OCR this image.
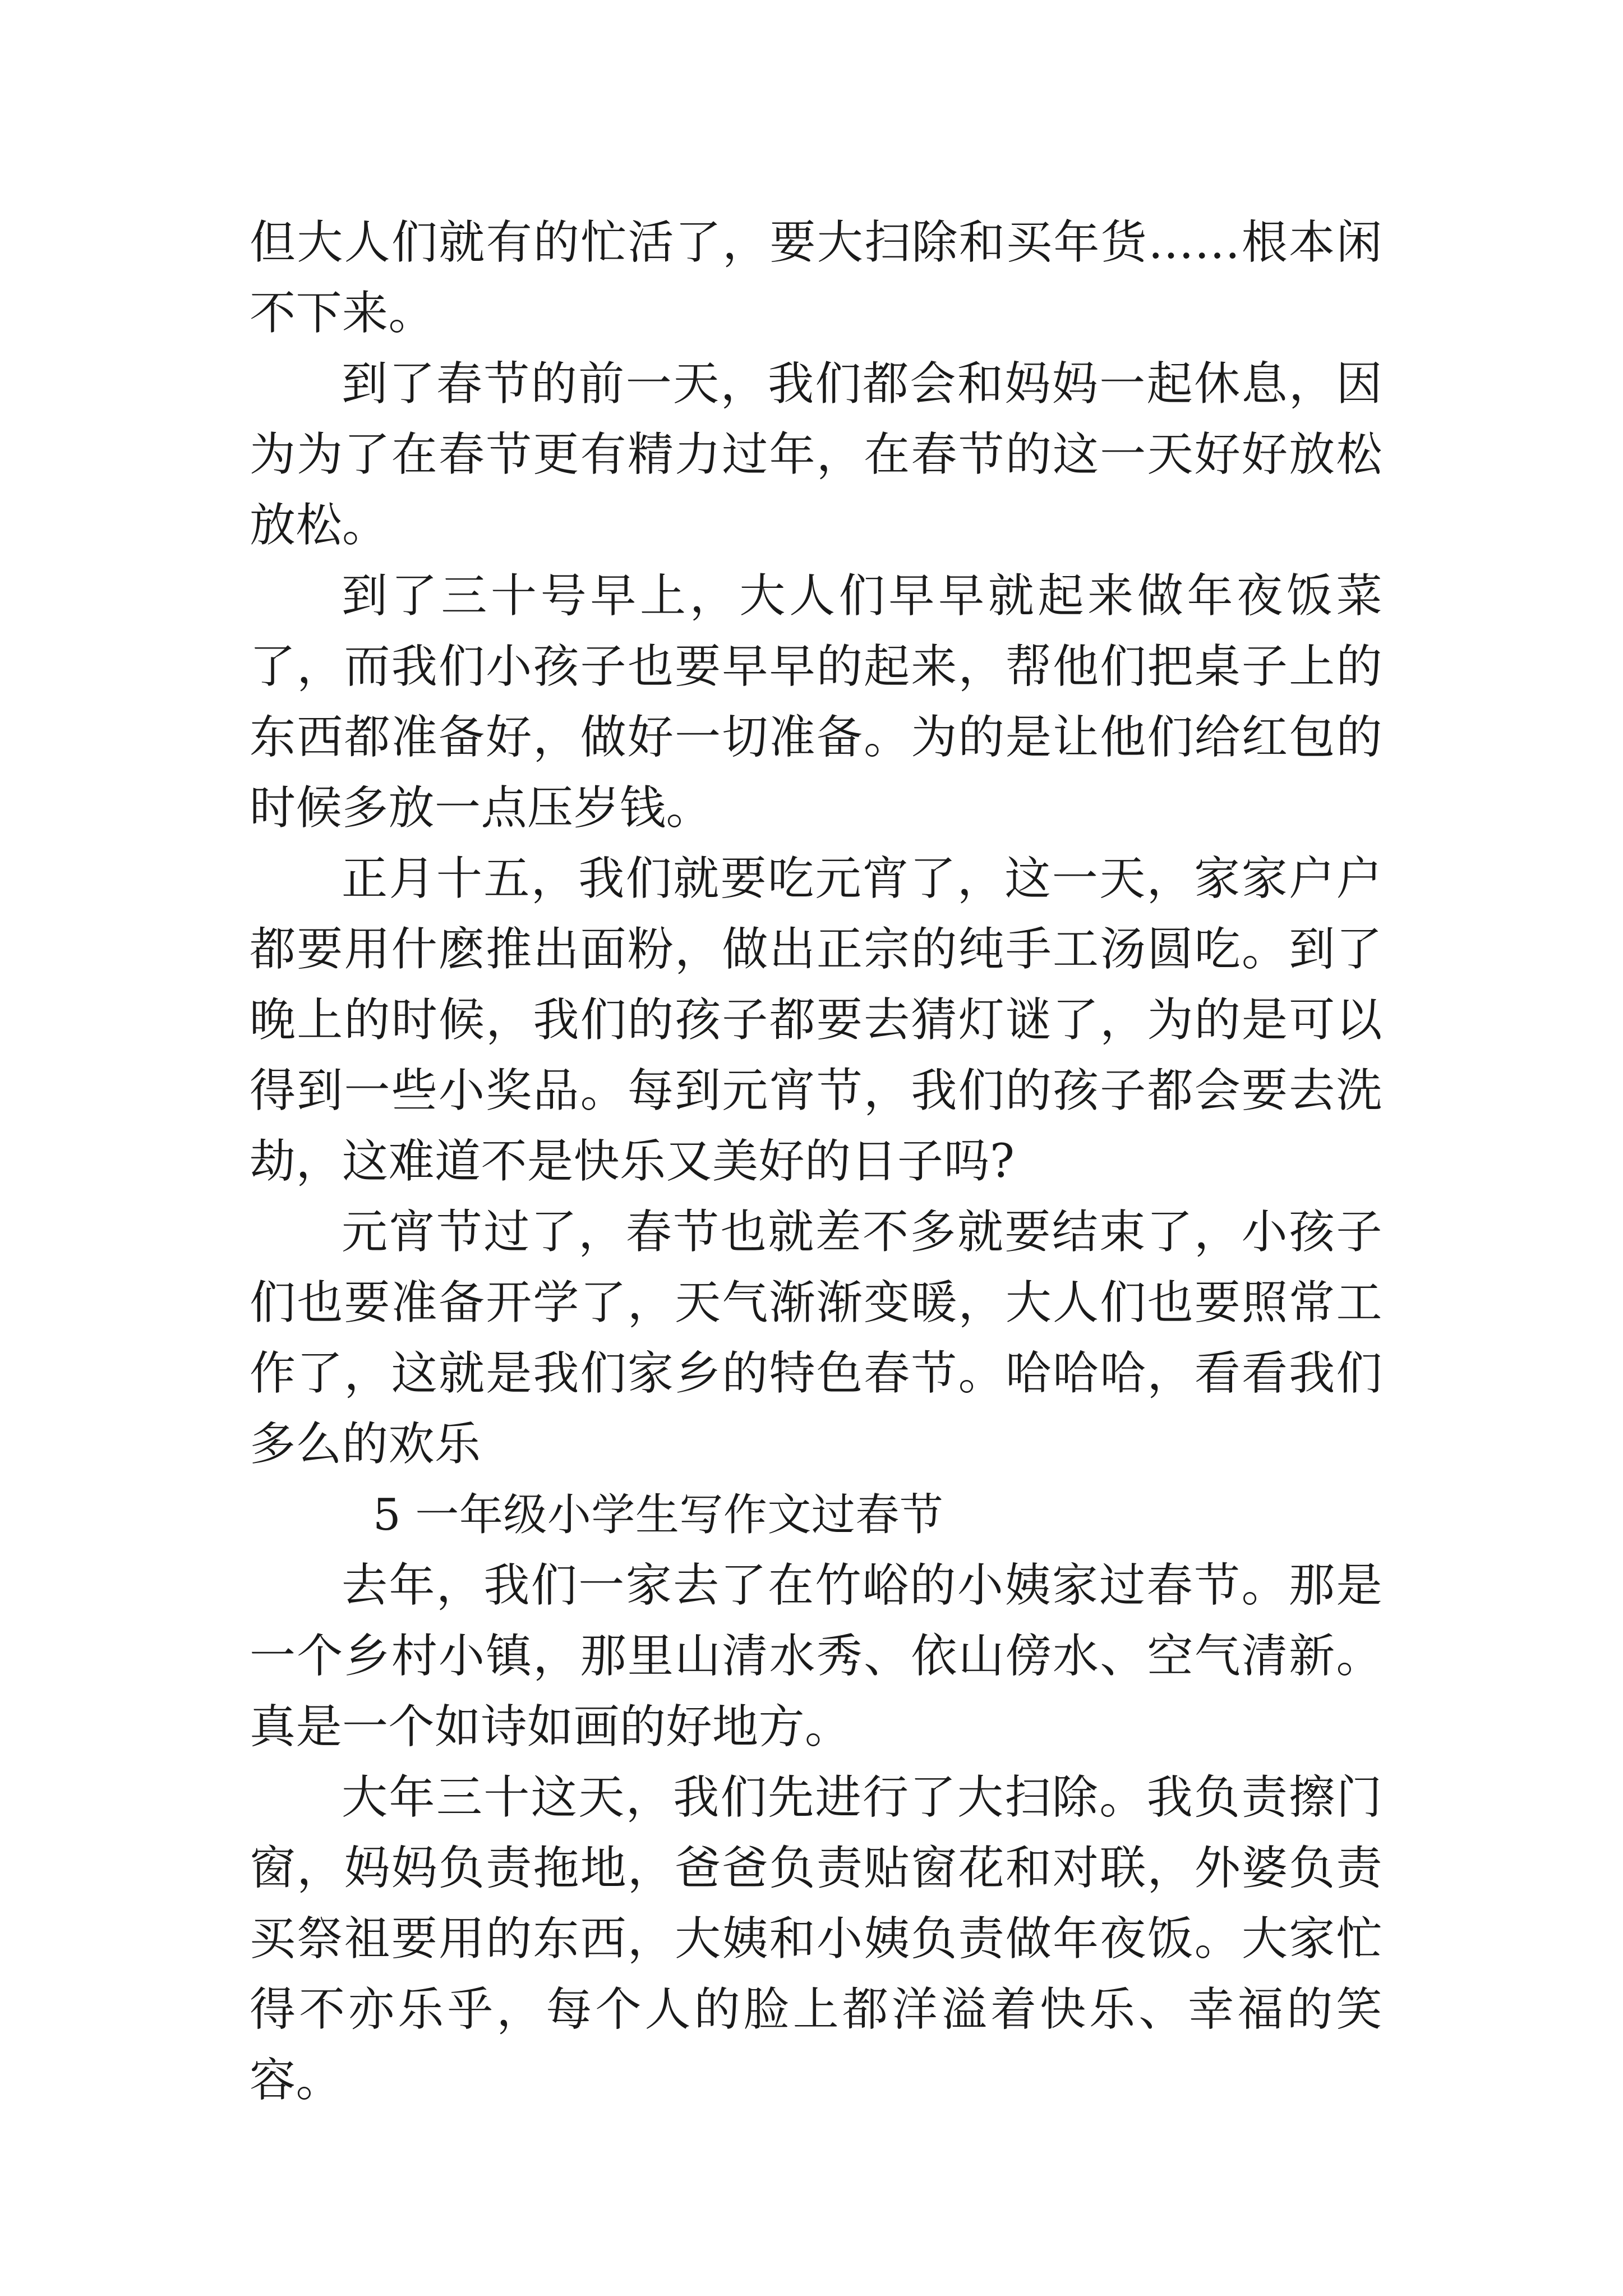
但大人们就有的忙活了，要大扫除和买年货……根本闲不下来。

到了春节的前一天，我们都会和妈妈一起休息，因为为了在春节更有精力过年，在春节的这一天好好放松放松。

到了三十号早上，大人们早早就起来做年夜饭菜了，而我们小孩子也要早早的起来，帮他们把桌子上的东西都准备好，做好一切准备。为的是让他们给红包的时候多放一点压岁钱。

正月十五，我们就要吃元宵了，这一天，家家户户都要用什麽推出面粉，做出正宗的纯手工汤圆吃。到了晚上的时候，我们的孩子都要去猜灯谜了，为的是可以得到一些小奖品。每到元宵节，我们的孩子都会要去洗劫，这难道不是快乐又美好的日子吗?

元宵节过了，春节也就差不多就要结束了，小孩子们也要准备开学了，天气渐渐变暖，大人们也要照常工作了，这就是我们家乡的特色春节。哈哈哈，看看我们多么的欢乐

5 一年级小学生写作文过春节

去年，我们一家去了在竹峪的小姨家过春节。那是一个乡村小镇，那里山清水秀、依山傍水、空气清新。真是一个如诗如画的好地方。

大年三十这天，我们先进行了大扫除。我负责擦门窗，妈妈负责拖地，爸爸负责贴窗花和对联，外婆负责买祭祖要用的东西，大姨和小姨负责做年夜饭。大家忙得不亦乐乎，每个人的脸上都洋溢着快乐、幸福的笑容。
